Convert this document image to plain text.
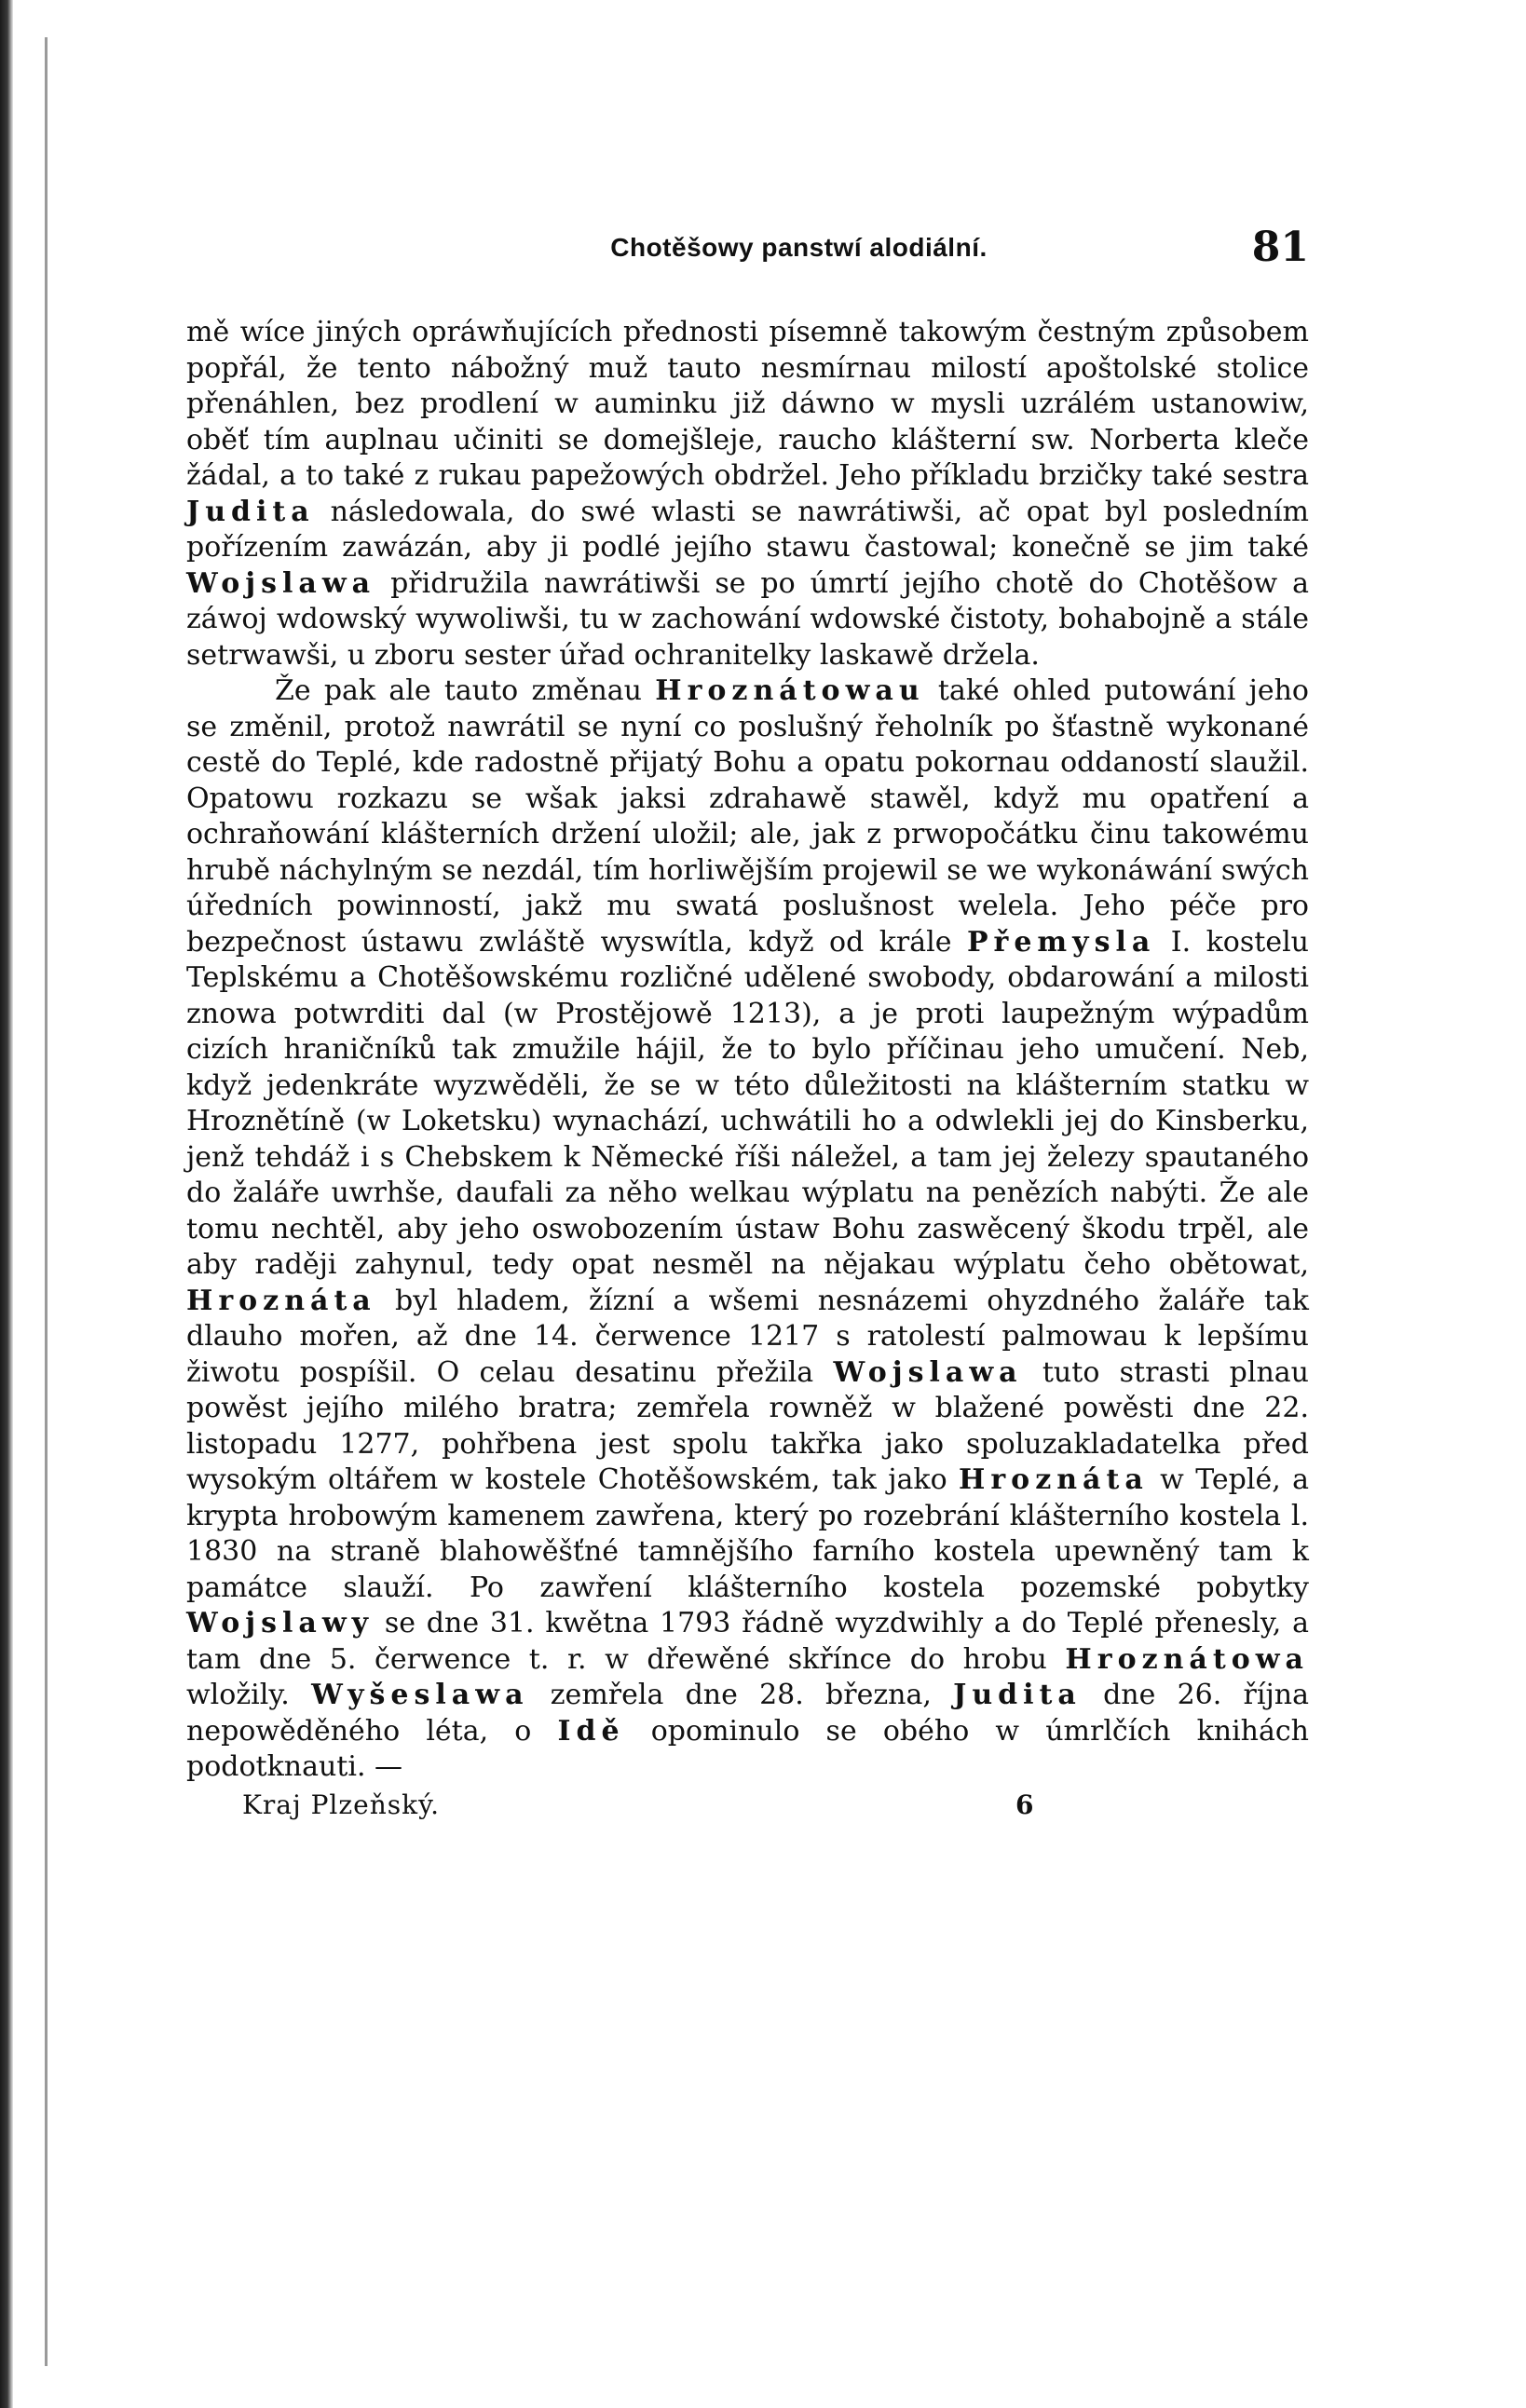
Chotěšowy panstwí alodiální.	81

mě wíce jiných opráwňujících přednosti písemně takowým čestným způsobem popřál, že tento nábožný muž tauto nesmírnau milostí apoštolské stolice přenáhlen, bez prodlení w auminku již dáwno w mysli uzrálém ustanowiw, oběť tím auplnau učiniti se domejšleje, raucho klášterní sw. Norberta kleče žádal, a to také z rukau papežowých obdržel. Jeho příkladu brzičky také sestra Judita následowala, do swé wlasti se nawrátiwši, ač opat byl posledním pořízením zawázán, aby ji podlé jejího stawu častowal; konečně se jim také Wojslawa přidružila nawrátiwši se po úmrtí jejího chotě do Chotěšow a záwoj wdowský wywoliwši, tu w zachowání wdowské čistoty, bohabojně a stále setrwawši, u zboru sester úřad ochranitelky laskawě držela.

Že pak ale tauto změnau Hroznátowau také ohled putowání jeho se změnil, protož nawrátil se nyní co poslušný řeholník po šťastně wykonané cestě do Teplé, kde radostně přijatý Bohu a opatu pokornau oddaností slaužil. Opatowu rozkazu se wšak jaksi zdrahawě stawěl, když mu opatření a ochraňowání klášterních držení uložil; ale, jak z prwopočátku činu takowému hrubě náchylným se nezdál, tím horliwějším projewil se we wykonáwání swých úředních powinností, jakž mu swatá poslušnost welela. Jeho péče pro bezpečnost ústawu zwláště wyswítla, když od krále Přemysla I. kostelu Teplskému a Chotěšowskému rozličné udělené swobody, obdarowání a milosti znowa potwrditi dal (w Prostějowě 1213), a je proti laupežným wýpadům cizích hraničníků tak zmužile hájil, že to bylo příčinau jeho umučení. Neb, když jedenkráte wyzwěděli, že se w této důležitosti na klášterním statku w Hroznětíně (w Loketsku) wynachází, uchwátili ho a odwlekli jej do Kinsberku, jenž tehdáž i s Chebskem k Německé říši náležel, a tam jej železy spautaného do žaláře uwrhše, daufali za něho welkau wýplatu na penězích nabýti. Že ale tomu nechtěl, aby jeho oswobozením ústaw Bohu zaswěcený škodu trpěl, ale aby raději zahynul, tedy opat nesměl na nějakau wýplatu čeho obětowat, Hroznáta byl hladem, žízní a wšemi nesnázemi ohyzdného žaláře tak dlauho mořen, až dne 14. čerwence 1217 s ratolestí palmowau k lepšímu žiwotu pospíšil. O celau desatinu přežila Wojslawa tuto strasti plnau powěst jejího milého bratra; zemřela rowněž w blažené powěsti dne 22. listopadu 1277, pohřbena jest spolu takřka jako spoluzakladatelka před wysokým oltářem w kostele Chotěšowském, tak jako Hroznáta w Teplé, a krypta hrobowým kamenem zawřena, který po rozebrání klášterního kostela l. 1830 na straně blahowěšťné tamnějšího farního kostela upewněný tam k památce slauží. Po zawření klášterního kostela pozemské pobytky Wojslawy se dne 31. kwětna 1793 řádně wyzdwihly a do Teplé přenesly, a tam dne 5. čerwence t. r. w dřewěné skřínce do hrobu Hroznátowa wložily. Wyšeslawa zemřela dne 28. března, Judita dne 26. října nepowěděného léta, o Idě opominulo se obého w úmrlčích knihách podotknauti. —

Kraj Plzeňský.	6
